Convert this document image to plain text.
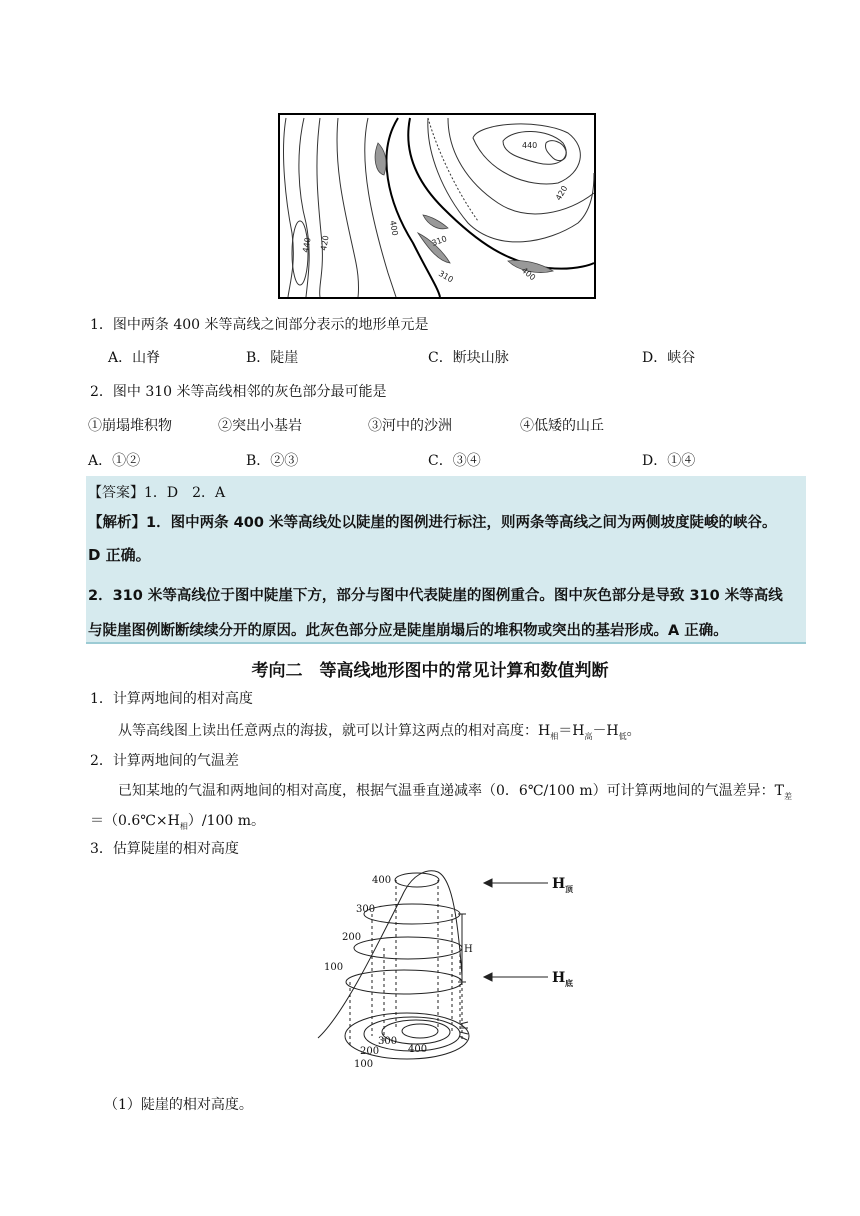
440
420
440 420
400
310
310	400
1．图中两条 400 米等高线之间部分表示的地形单元是
A．山脊	B．陡崖	C．断块山脉	D．峡谷
2．图中 310 米等高线相邻的灰色部分最可能是
①崩塌堆积物	②突出小基岩	③河中的沙洲	④低矮的山丘
A．①②	B．②③	C．③④	D．①④
【答案】1．D　2．A
【解析】1．图中两条 400 米等高线处以陡崖的图例进行标注，则两条等高线之间为两侧坡度陡峻的峡谷。
D 正确。
2．310 米等高线位于图中陡崖下方，部分与图中代表陡崖的图例重合。图中灰色部分是导致 310 米等高线
与陡崖图例断断续续分开的原因。此灰色部分应是陡崖崩塌后的堆积物或突出的基岩形成。A 正确。
考向二　等高线地形图中的常见计算和数值判断
1．计算两地间的相对高度
从等高线图上读出任意两点的海拔，就可以计算这两点的相对高度：$H_相=H_高-H_低$。
2．计算两地间的气温差
已知某地的气温和两地间的相对高度，根据气温垂直递减率（0．6℃/100 m）可计算两地间的气温差异：$T_差$
$=(0.6℃\times H_相)/100$ m。
3．估算陡崖的相对高度
400
300
200
100
300
400
200
100
H
H 顶
H 底
（1）陡崖的相对高度。
